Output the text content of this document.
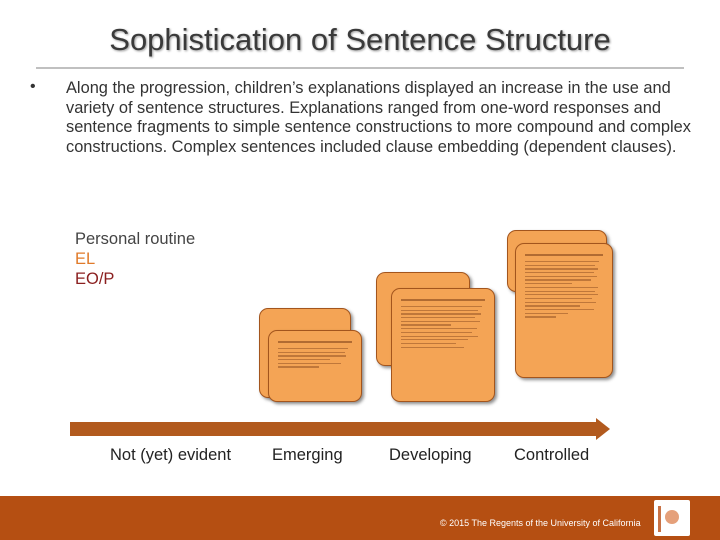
Sophistication of Sentence Structure
• Along the progression, children’s explanations displayed an increase in the use and variety of sentence structures. Explanations ranged from one-word responses and sentence fragments to simple sentence constructions to more compound and complex constructions. Complex sentences included clause embedding (dependent clauses).
Personal routine
EL
EO/P
Not (yet) evident Emerging	Developing	Controlled
© 2015 The Regents of the University of California
